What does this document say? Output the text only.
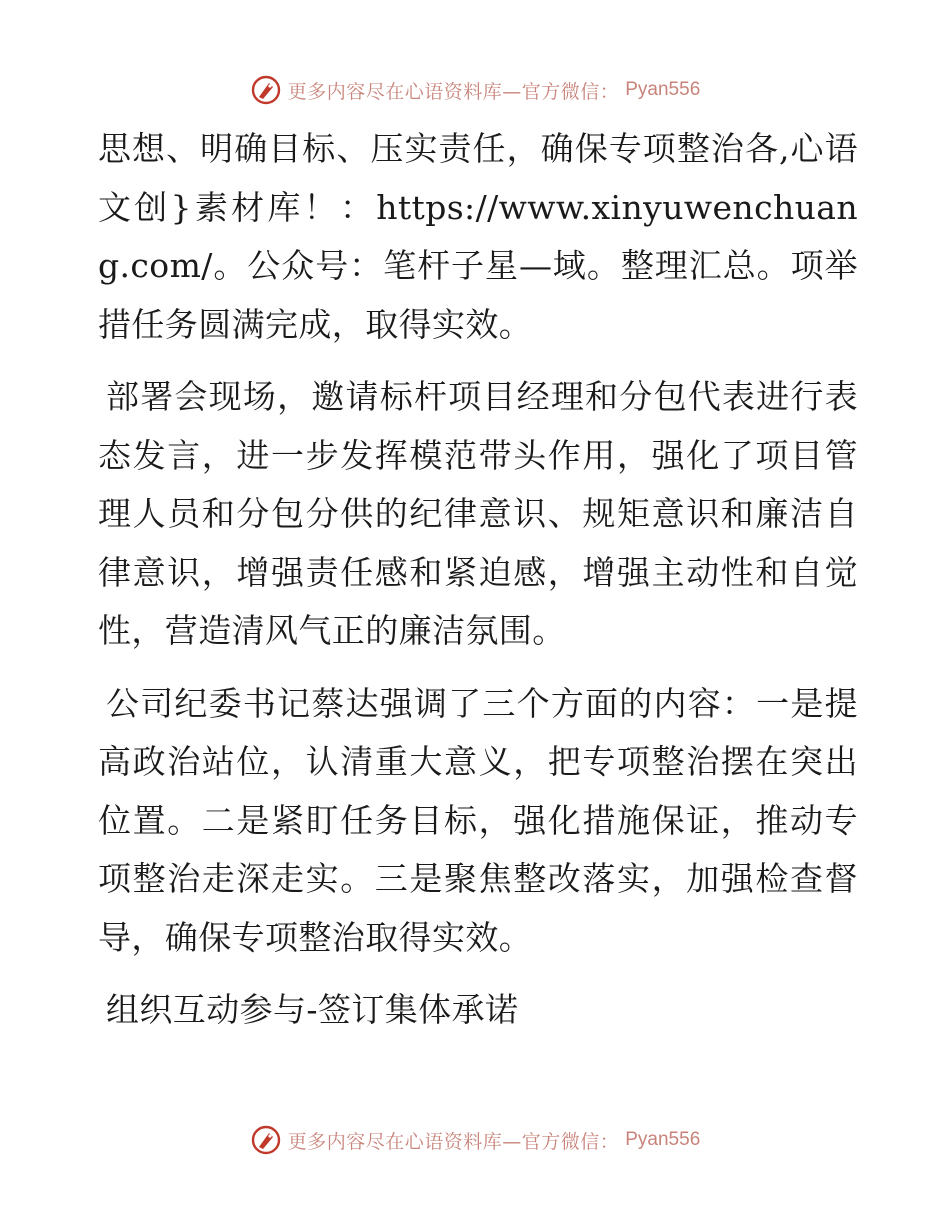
更多内容尽在心语资料库—官方微信： Pyan556

思想、明确目标、压实责任，确保专项整治各,心语文创}素材库！：https://www.xinyuwenchuang.com/。公众号：笔杆子星—域。整理汇总。项举措任务圆满完成，取得实效。

部署会现场，邀请标杆项目经理和分包代表进行表态发言，进一步发挥模范带头作用，强化了项目管理人员和分包分供的纪律意识、规矩意识和廉洁自律意识，增强责任感和紧迫感，增强主动性和自觉性，营造清风气正的廉洁氛围。

公司纪委书记蔡达强调了三个方面的内容：一是提高政治站位，认清重大意义，把专项整治摆在突出位置。二是紧盯任务目标，强化措施保证，推动专项整治走深走实。三是聚焦整改落实，加强检查督导，确保专项整治取得实效。

组织互动参与-签订集体承诺

更多内容尽在心语资料库—官方微信： Pyan556
